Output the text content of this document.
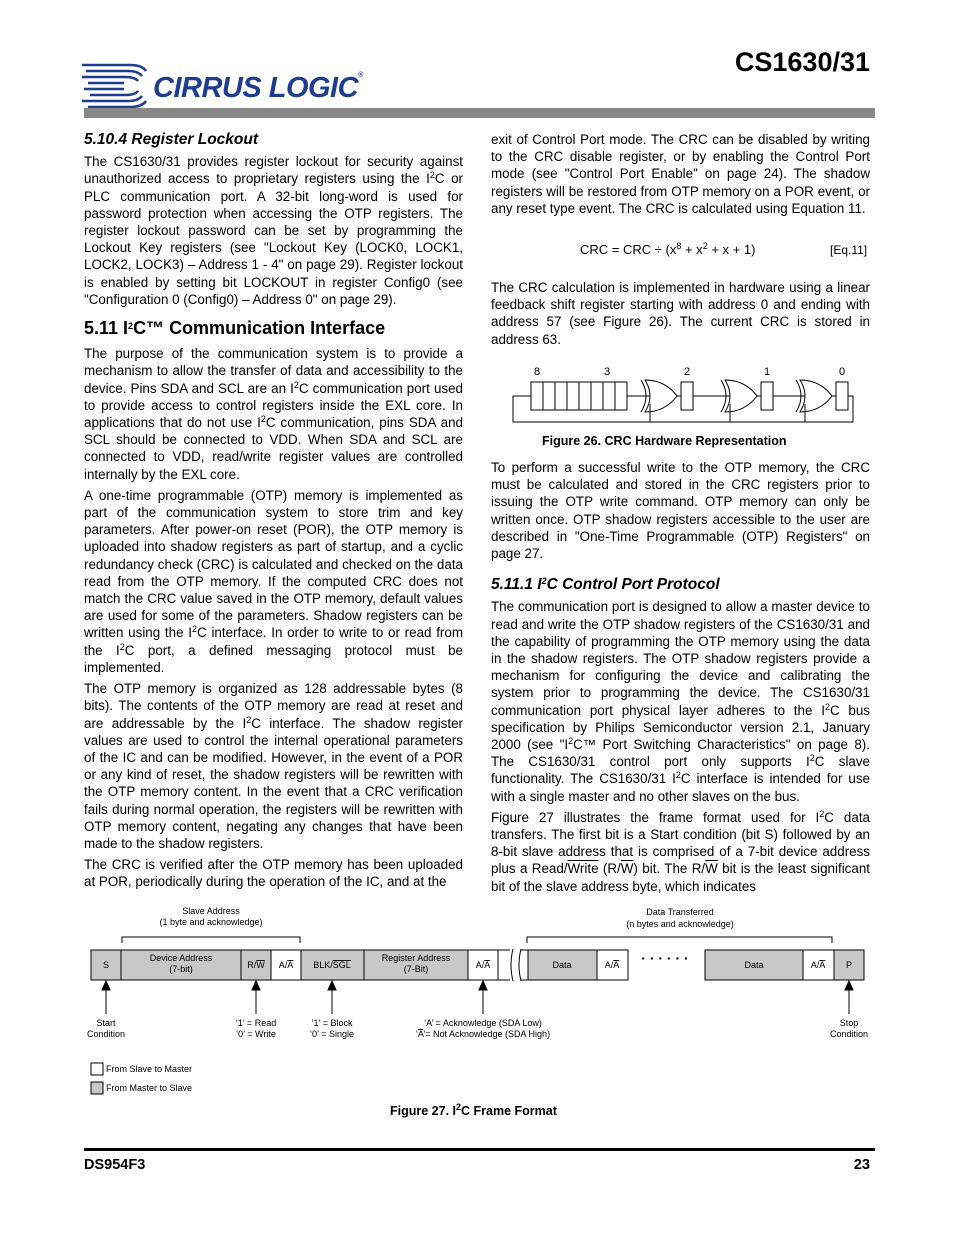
CIRRUS LOGIC®	CS1630/31
5.10.4 Register Lockout

The CS1630/31 provides register lockout for security against unauthorized access to proprietary registers using the $I^2C$ or PLC communication port. A 32-bit long-word is used for password protection when accessing the OTP registers. The register lockout password can be set by programming the Lockout Key registers (see "Lockout Key (LOCK0, LOCK1, LOCK2, LOCK3) – Address 1 - 4" on page 29). Register lockout is enabled by setting bit LOCKOUT in register Config0 (see "Configuration 0 (Config0) – Address 0" on page 29).

5.11 $I^2C™$ Communication Interface

The purpose of the communication system is to provide a mechanism to allow the transfer of data and accessibility to the device. Pins SDA and SCL are an $I^2C$ communication port used to provide access to control registers inside the EXL core. In applications that do not use $I^2C$ communication, pins SDA and SCL should be connected to VDD. When SDA and SCL are connected to VDD, read/write register values are controlled internally by the EXL core.

A one-time programmable (OTP) memory is implemented as part of the communication system to store trim and key parameters. After power-on reset (POR), the OTP memory is uploaded into shadow registers as part of startup, and a cyclic redundancy check (CRC) is calculated and checked on the data read from the OTP memory. If the computed CRC does not match the CRC value saved in the OTP memory, default values are used for some of the parameters. Shadow registers can be written using the $I^2C$ interface. In order to write to or read from the $I^2C$ port, a defined messaging protocol must be implemented.

The OTP memory is organized as 128 addressable bytes (8 bits). The contents of the OTP memory are read at reset and are addressable by the $I^2C$ interface. The shadow register values are used to control the internal operational parameters of the IC and can be modified. However, in the event of a POR or any kind of reset, the shadow registers will be rewritten with the OTP memory content. In the event that a CRC verification fails during normal operation, the registers will be rewritten with OTP memory content, negating any changes that have been made to the shadow registers.

The CRC is verified after the OTP memory has been uploaded at POR, periodically during the operation of the IC, and at the

exit of Control Port mode. The CRC can be disabled by writing to the CRC disable register, or by enabling the Control Port mode (see "Control Port Enable" on page 24). The shadow registers will be restored from OTP memory on a POR event, or any reset type event. The CRC is calculated using Equation 11.

CRC = CRC ÷ $(x^8 + x^2 + x + 1)$	[Eq.11]

The CRC calculation is implemented in hardware using a linear feedback shift register starting with address 0 and ending with address 57 (see Figure 26). The current CRC is stored in address 63.

8	3	2	1	0
Figure 26. CRC Hardware Representation

To perform a successful write to the OTP memory, the CRC must be calculated and stored in the CRC registers prior to issuing the OTP write command. OTP memory can only be written once. OTP shadow registers accessible to the user are described in "One-Time Programmable (OTP) Registers" on page 27.

5.11.1 $I^2C$ Control Port Protocol

The communication port is designed to allow a master device to read and write the OTP shadow registers of the CS1630/31 and the capability of programming the OTP memory using the data in the shadow registers. The OTP shadow registers provide a mechanism for configuring the device and calibrating the system prior to programming the device. The CS1630/31 communication port physical layer adheres to the $I^2C$ bus specification by Philips Semiconductor version 2.1, January 2000 (see "$I^2C™$ Port Switching Characteristics" on page 8). The CS1630/31 control port only supports $I^2C$ slave functionality. The CS1630/31 $I^2C$ interface is intended for use with a single master and no other slaves on the bus.

Figure 27 illustrates the frame format used for $I^2C$ data transfers. The first bit is a Start condition (bit S) followed by an 8-bit slave address that is comprised of a 7-bit device address plus a Read/Write $(R/\overline{W})$ bit. The $R/\overline{W}$ bit is the least significant bit of the slave address byte, which indicates

Slave Address
(1 byte and acknowledge)
Data Transferred
(n bytes and acknowledge)
S
Device Address
(7-bit)	R/W A/A BLK/SGL
Register Address
(7-Bit)	A/A	Data	A/A	Data	A/A P
· · · · · ·
Start
Condition
‘1’ = Read
‘0’ = Write
‘1’ = Block
‘0’ = Single
‘A’ = Acknowledge (SDA Low)
‘A’= Not Acknowledge (SDA High)
Stop
Condition
From Slave to Master
From Master to Slave
Figure 27. $I^2C$ Frame Format
DS954F3	23
